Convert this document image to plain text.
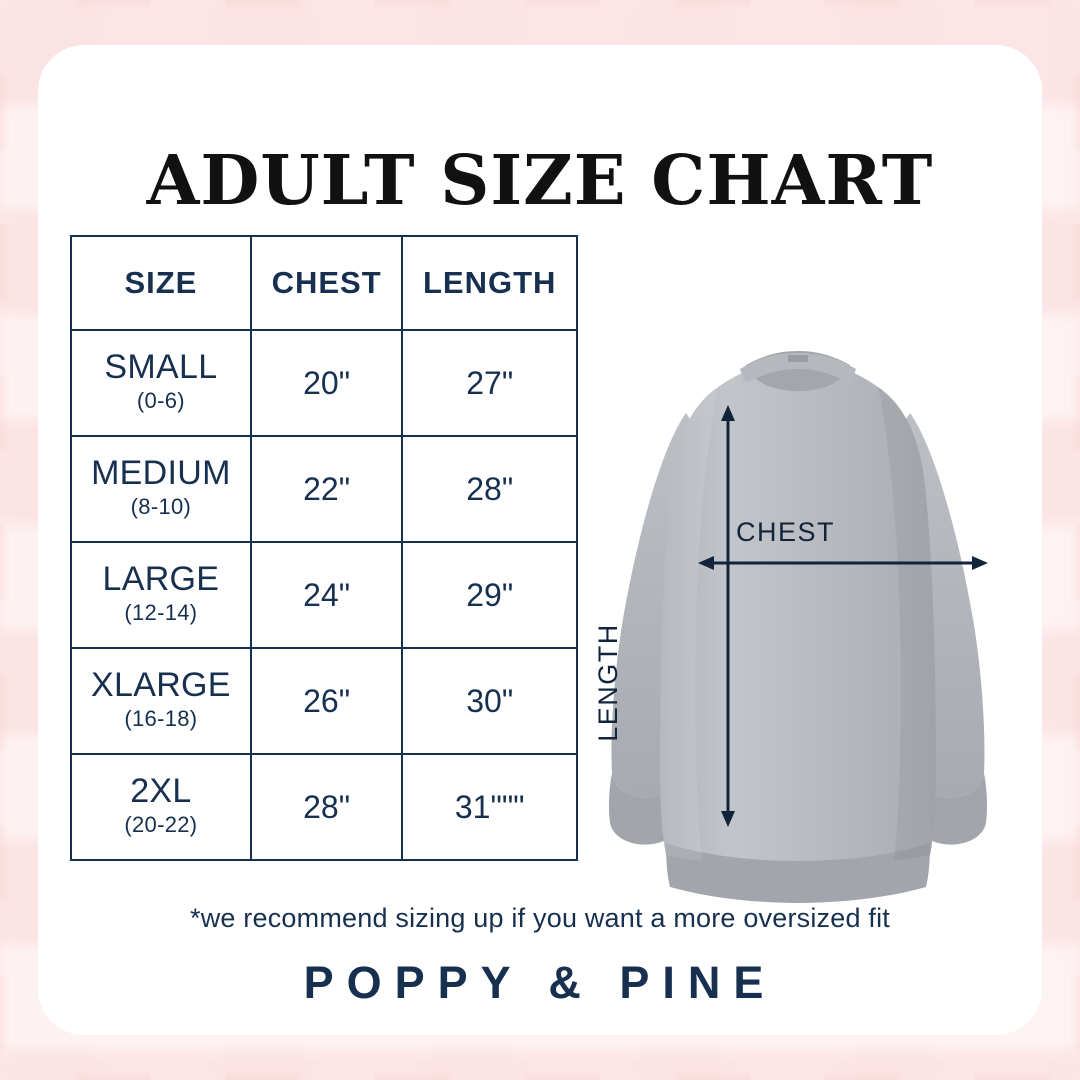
ADULT SIZE CHART
SIZE	CHEST	LENGTH

SMALL
(0-6)	20"	27"

MEDIUM
(8-10)	22"	28"

LARGE
(12-14)	24"	29"

XLARGE
(16-18)	26"	30"

2XL
(20-22)	28"	31"""
*we recommend sizing up if you want a more oversized fit
POPPY & PINE
CHEST
LENGTH
